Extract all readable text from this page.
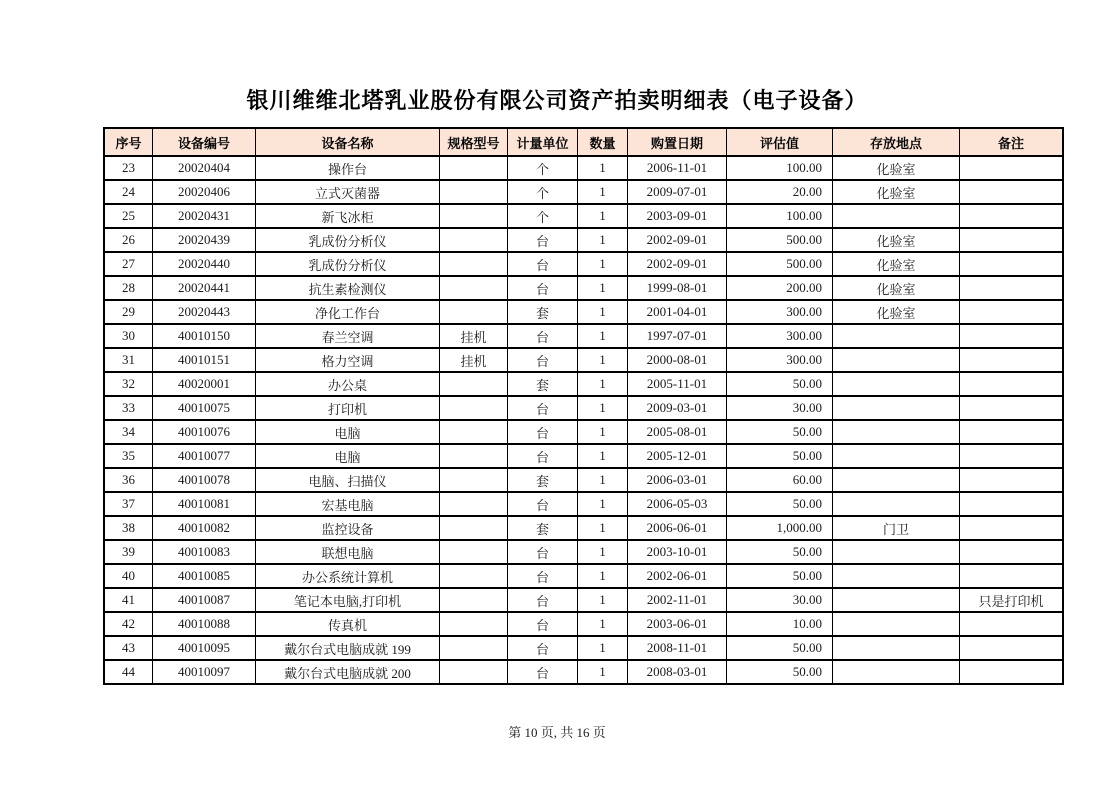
银川维维北塔乳业股份有限公司资产拍卖明细表（电子设备）
序号	设备编号	设备名称	规格型号	计量单位	数量	购置日期	评估值	存放地点	备注
23	20020404	操作台		个	1	2006-11-01	100.00	化验室	
24	20020406	立式灭菌器		个	1	2009-07-01	20.00	化验室	
25	20020431	新飞冰柜		个	1	2003-09-01	100.00		
26	20020439	乳成份分析仪		台	1	2002-09-01	500.00	化验室	
27	20020440	乳成份分析仪		台	1	2002-09-01	500.00	化验室	
28	20020441	抗生素检测仪		台	1	1999-08-01	200.00	化验室	
29	20020443	净化工作台		套	1	2001-04-01	300.00	化验室	
30	40010150	春兰空调	挂机	台	1	1997-07-01	300.00		
31	40010151	格力空调	挂机	台	1	2000-08-01	300.00		
32	40020001	办公桌		套	1	2005-11-01	50.00		
33	40010075	打印机		台	1	2009-03-01	30.00		
34	40010076	电脑		台	1	2005-08-01	50.00		
35	40010077	电脑		台	1	2005-12-01	50.00		
36	40010078	电脑、扫描仪		套	1	2006-03-01	60.00		
37	40010081	宏基电脑		台	1	2006-05-03	50.00		
38	40010082	监控设备		套	1	2006-06-01	1,000.00	门卫	
39	40010083	联想电脑		台	1	2003-10-01	50.00		
40	40010085	办公系统计算机		台	1	2002-06-01	50.00		
41	40010087	笔记本电脑,打印机		台	1	2002-11-01	30.00		只是打印机
42	40010088	传真机		台	1	2003-06-01	10.00		
43	40010095	戴尔台式电脑成就 199		台	1	2008-11-01	50.00		
44	40010097	戴尔台式电脑成就 200		台	1	2008-03-01	50.00		
第 10 页, 共 16 页
